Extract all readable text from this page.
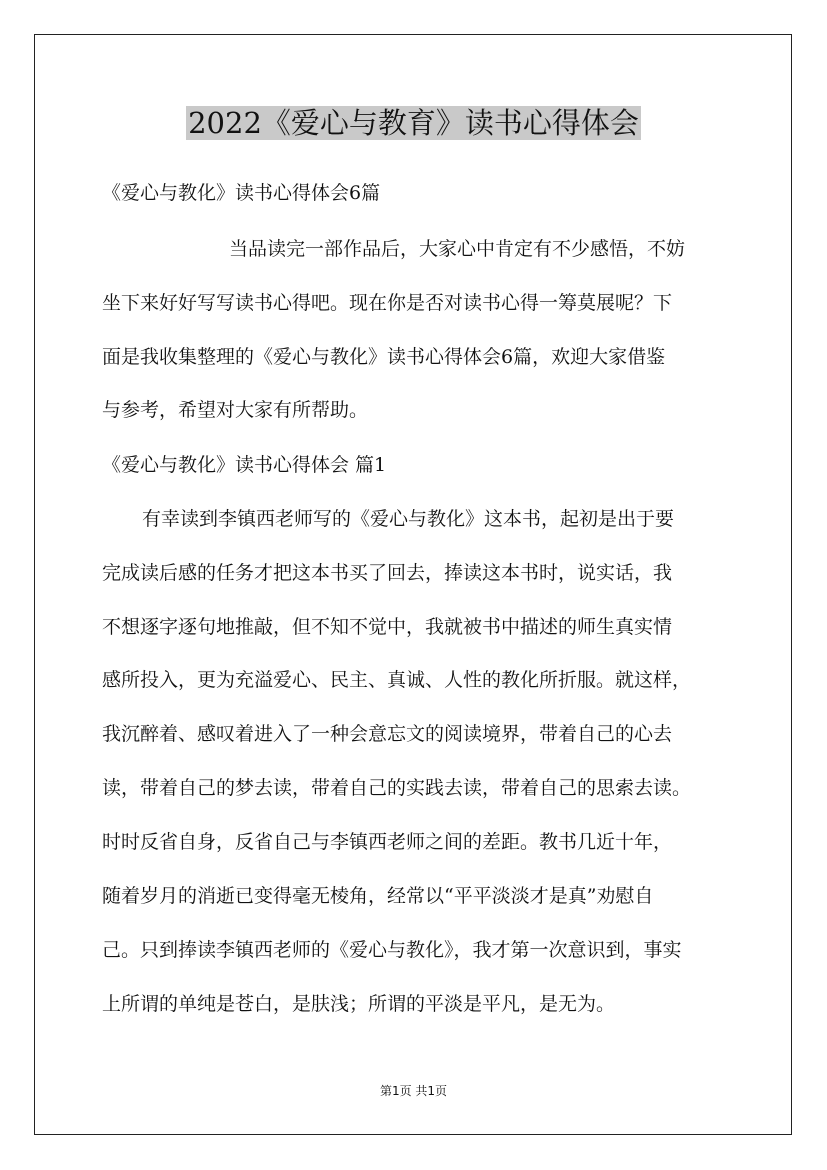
2022《爱心与教育》读书心得体会

《爱心与教化》读书心得体会6篇

当品读完一部作品后，大家心中肯定有不少感悟，不妨

坐下来好好写写读书心得吧。现在你是否对读书心得一筹莫展呢？下

面是我收集整理的《爱心与教化》读书心得体会6篇，欢迎大家借鉴

与参考，希望对大家有所帮助。

《爱心与教化》读书心得体会 篇1

有幸读到李镇西老师写的《爱心与教化》这本书，起初是出于要

完成读后感的任务才把这本书买了回去，捧读这本书时，说实话，我

不想逐字逐句地推敲，但不知不觉中，我就被书中描述的师生真实情

感所投入，更为充溢爱心、民主、真诚、人性的教化所折服。就这样，

我沉醉着、感叹着进入了一种会意忘文的阅读境界，带着自己的心去

读，带着自己的梦去读，带着自己的实践去读，带着自己的思索去读。

时时反省自身，反省自己与李镇西老师之间的差距。教书几近十年，

随着岁月的消逝已变得毫无棱角，经常以“平平淡淡才是真”劝慰自

己。只到捧读李镇西老师的《爱心与教化》，我才第一次意识到，事实

上所谓的单纯是苍白，是肤浅；所谓的平淡是平凡，是无为。

第1页 共1页
